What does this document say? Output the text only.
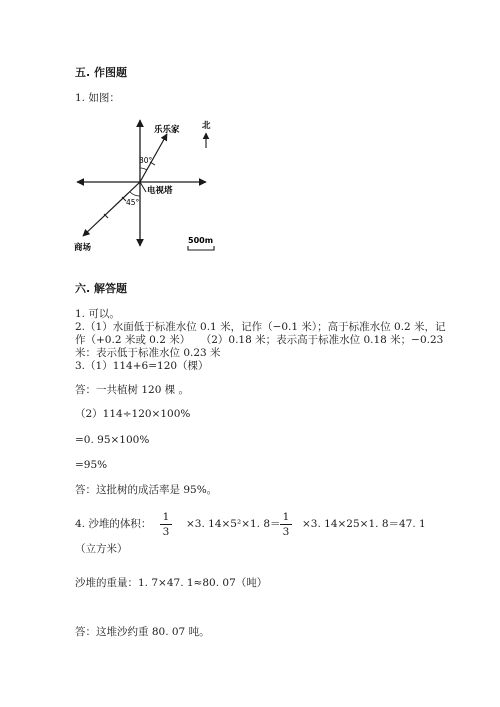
五. 作图题
1. 如图：
乐乐家
30°
电视塔
45°
商场
北
500m
六. 解答题
1. 可以。
2.（1）水面低于标准水位 0.1 米，记作（−0.1 米）；高于标准水位 0.2 米，记
作（+0.2 米或 0.2 米）　　（2）0.18 米；表示高于标准水位 0.18 米；−0.23
米：表示低于标准水位 0.23 米
3.（1）114+6=120（棵）
答：一共植树 120 棵 。
（2）114÷120×100%
=0. 95×100%
=95%
答：这批树的成活率是 95%。
4. 沙堆的体积：
1
3
×3. 14×5²×1. 8＝
1
3
×3. 14×25×1. 8＝47. 1
（立方米）
沙堆的重量：1. 7×47. 1≈80. 07（吨）
答：这堆沙约重 80. 07 吨。
